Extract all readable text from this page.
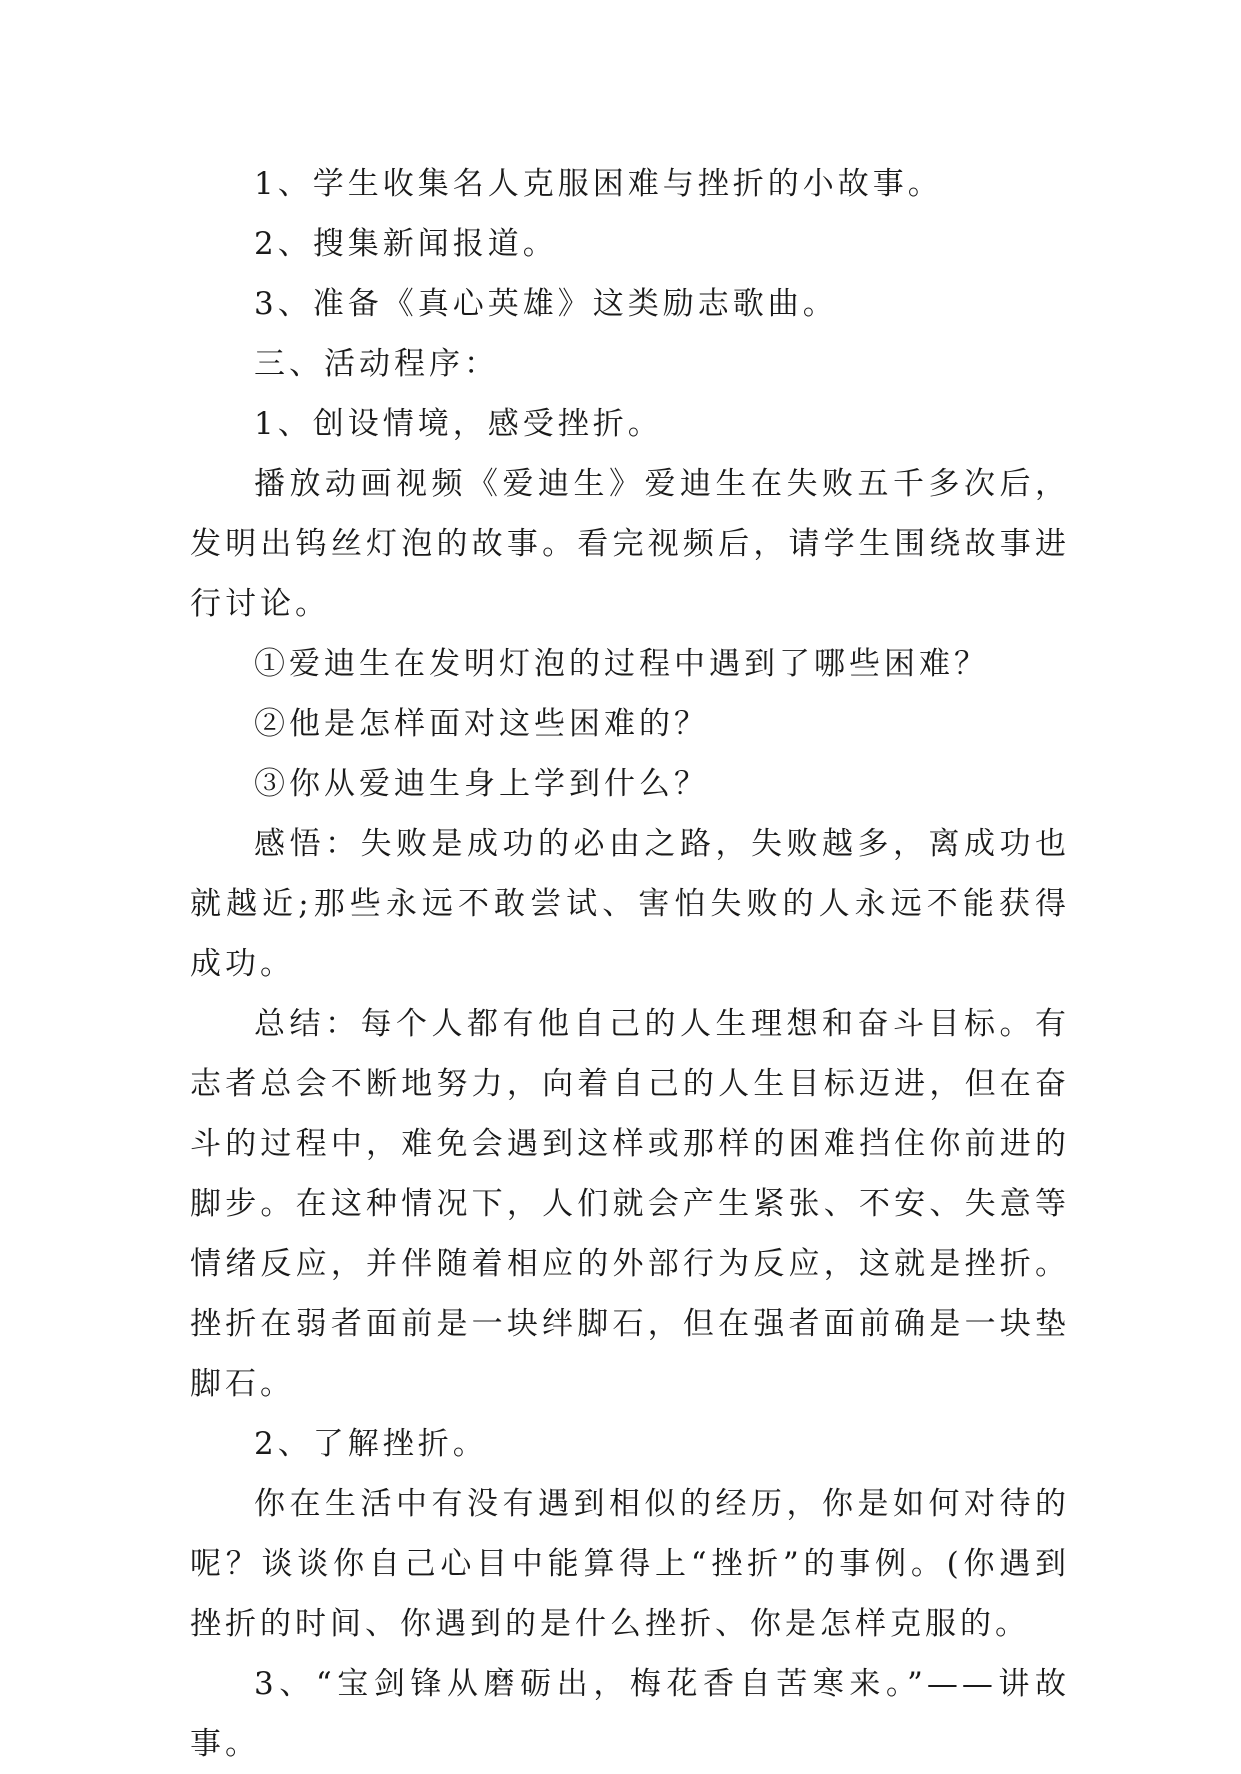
1、学生收集名人克服困难与挫折的小故事。

2、搜集新闻报道。

3、准备《真心英雄》这类励志歌曲。

三、活动程序：

1、创设情境，感受挫折。

播放动画视频《爱迪生》爱迪生在失败五千多次后，发明出钨丝灯泡的故事。看完视频后，请学生围绕故事进行讨论。

①爱迪生在发明灯泡的过程中遇到了哪些困难？

②他是怎样面对这些困难的？

③你从爱迪生身上学到什么？

感悟：失败是成功的必由之路，失败越多，离成功也就越近;那些永远不敢尝试、害怕失败的人永远不能获得成功。

总结：每个人都有他自己的人生理想和奋斗目标。有志者总会不断地努力，向着自己的人生目标迈进，但在奋斗的过程中，难免会遇到这样或那样的困难挡住你前进的脚步。在这种情况下，人们就会产生紧张、不安、失意等情绪反应，并伴随着相应的外部行为反应，这就是挫折。挫折在弱者面前是一块绊脚石，但在强者面前确是一块垫脚石。

2、了解挫折。

你在生活中有没有遇到相似的经历，你是如何对待的呢？谈谈你自己心目中能算得上“挫折”的事例。(你遇到挫折的时间、你遇到的是什么挫折、你是怎样克服的。

3、“宝剑锋从磨砺出，梅花香自苦寒来。”——讲故事。
